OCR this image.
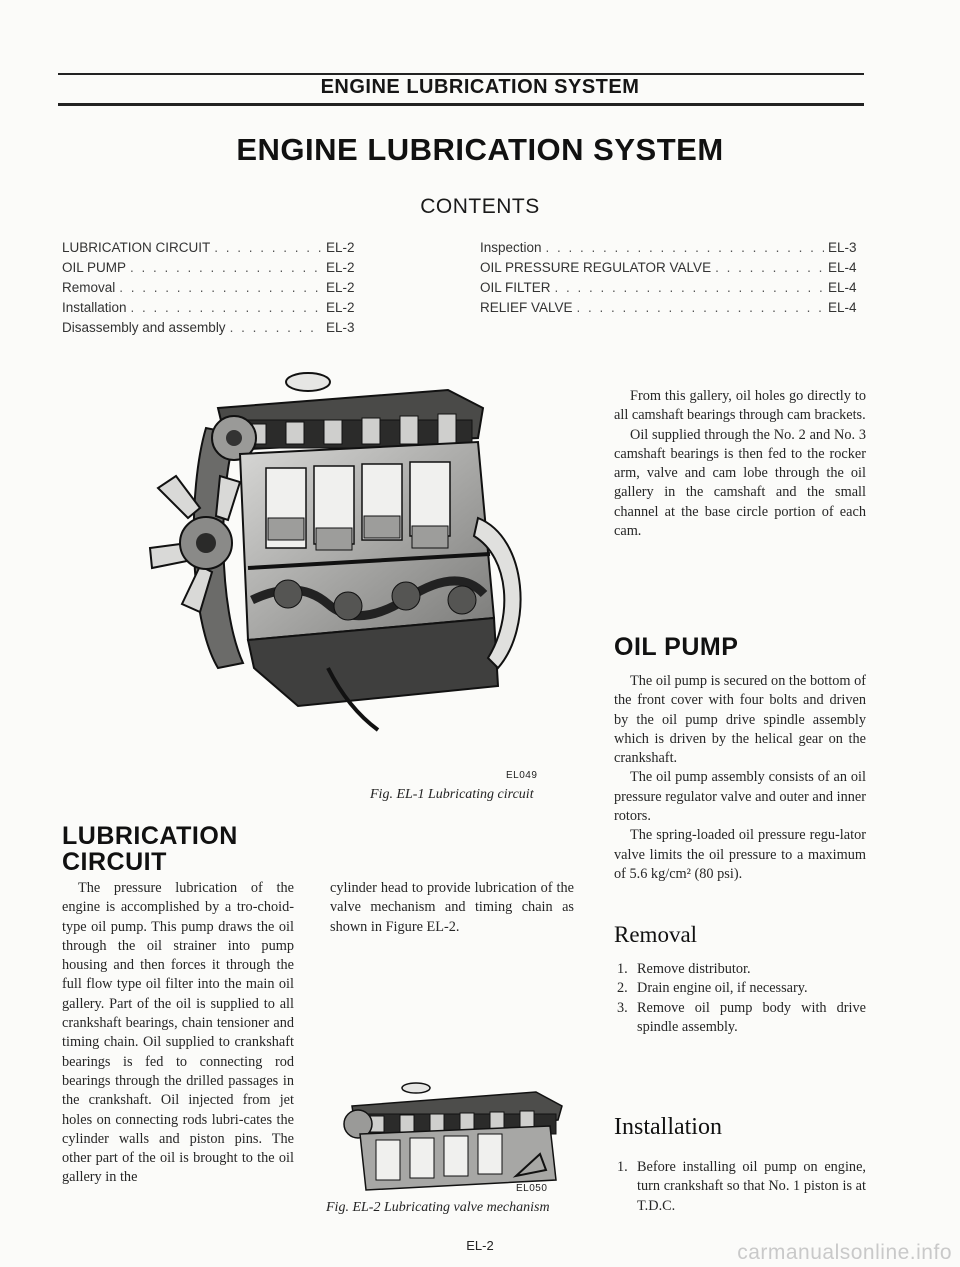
ENGINE LUBRICATION SYSTEM
ENGINE LUBRICATION SYSTEM
CONTENTS
LUBRICATION CIRCUIT . . .	EL-2
OIL PUMP . . .	EL-2
Removal . . .	EL-2
Installation . . .	EL-2
Disassembly and assembly . . .	EL-3
Inspection . . .	EL-3
OIL PRESSURE REGULATOR VALVE . . .	EL-4
OIL FILTER . . .	EL-4
RELIEF VALVE . . .	EL-4
EL049
Fig. EL-1 Lubricating circuit
LUBRICATION
CIRCUIT

The pressure lubrication of the engine is accomplished by a tro-choid-type oil pump. This pump draws the oil through the oil strainer into pump housing and then forces it through the full flow type oil filter into the main oil gallery. Part of the oil is supplied to all crankshaft bearings, chain tensioner and timing chain. Oil supplied to crankshaft bearings is fed to connecting rod bearings through the drilled passages in the crankshaft. Oil injected from jet holes on connecting rods lubri-cates the cylinder walls and piston pins. The other part of the oil is brought to the oil gallery in the

cylinder head to provide lubrication of the valve mechanism and timing chain as shown in Figure EL-2.

EL050
Fig. EL-2 Lubricating valve mechanism

From this gallery, oil holes go directly to all camshaft bearings through cam brackets.

Oil supplied through the No. 2 and No. 3 camshaft bearings is then fed to the rocker arm, valve and cam lobe through the oil gallery in the camshaft and the small channel at the base circle portion of each cam.

OIL PUMP

The oil pump is secured on the bottom of the front cover with four bolts and driven by the oil pump drive spindle assembly which is driven by the helical gear on the crankshaft.

The oil pump assembly consists of an oil pressure regulator valve and outer and inner rotors.

The spring-loaded oil pressure regu-lator valve limits the oil pressure to a maximum of 5.6 kg/cm² (80 psi).

Removal
1. Remove distributor.
2. Drain engine oil, if necessary.
3. Remove oil pump body with drive spindle assembly.
Installation
1. Before installing oil pump on engine, turn crankshaft so that No. 1 piston is at T.D.C.
EL-2	carmanualsonline.info
